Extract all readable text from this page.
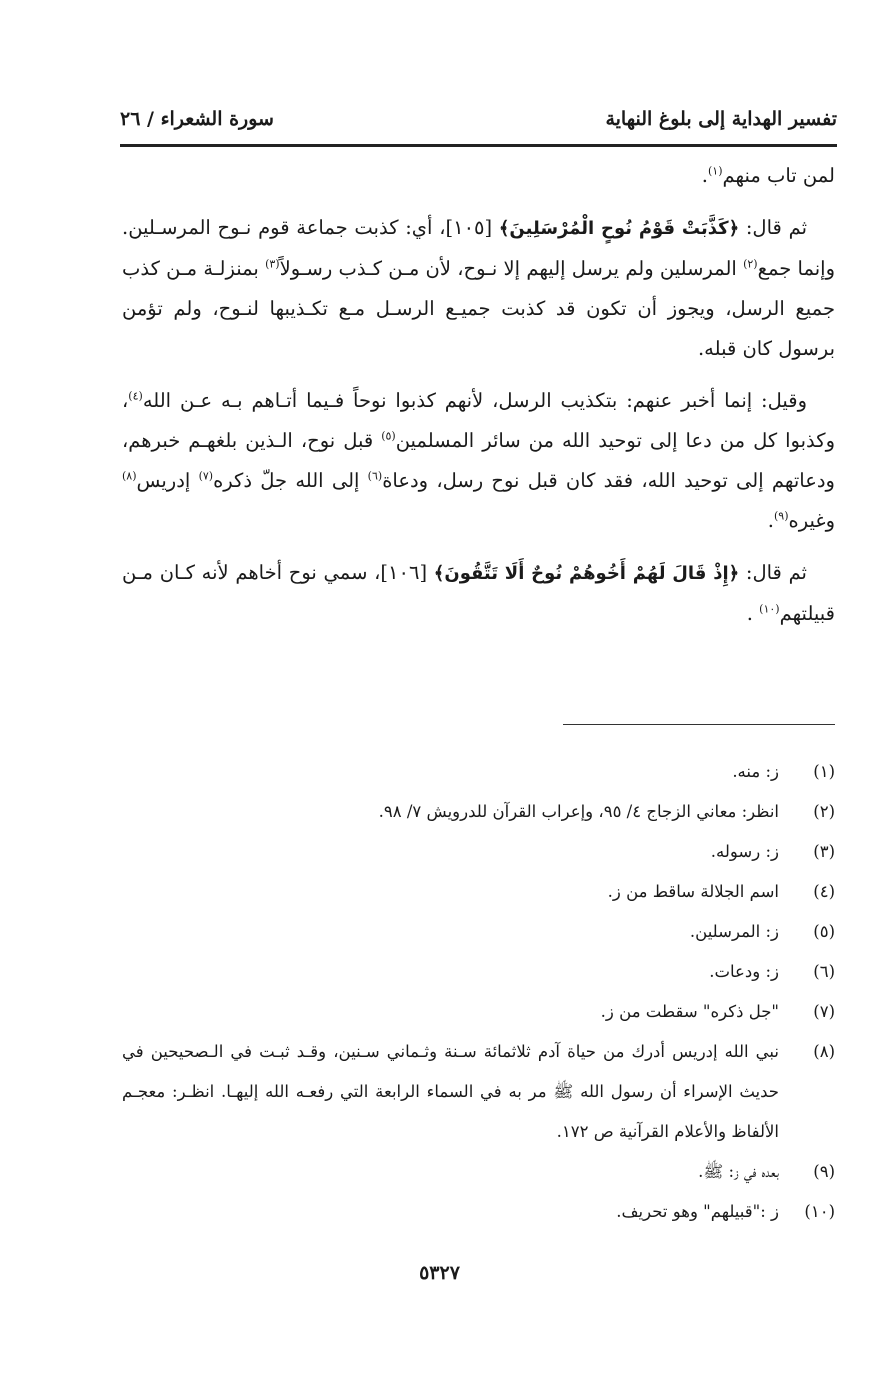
تفسير الهداية إلى بلوغ النهاية
سورة الشعراء / ٢٦

لمن تاب منهم$^{(١)}$.

ثم قال: ﴿كَذَّبَتْ قَوْمُ نُوحٍ الْمُرْسَلِينَ﴾ [١٠٥]، أي: كذبت جماعة قوم نـوح المرسـلين. وإنما جمع$^{(٢)}$ المرسلين ولم يرسل إليهم إلا نـوح، لأن مـن كـذب رسـولاً$^{(٣)}$ بمنزلـة مـن كذب جميع الرسل، ويجوز أن تكون قد كذبت جميـع الرسـل مـع تكـذيبها لنـوح، ولم تؤمن برسول كان قبله.

وقيل: إنما أخبر عنهم: بتكذيب الرسل، لأنهم كذبوا نوحاً فـيما أتـاهم بـه عـن الله$^{(٤)}$، وكذبوا كل من دعا إلى توحيد الله من سائر المسلمين$^{(٥)}$ قبل نوح، الـذين بلغهـم خبرهم، ودعاتهم إلى توحيد الله، فقد كان قبل نوح رسل، ودعاة$^{(٦)}$ إلى الله جلّ ذكره$^{(٧)}$ إدريس$^{(٨)}$ وغيره$^{(٩)}$.

ثم قال: ﴿إِذْ قَالَ لَهُمْ أَخُوهُمْ نُوحٌ أَلَا تَتَّقُونَ﴾ [١٠٦]، سمي نوح أخاهم لأنه كـان مـن قبيلتهم$^{(١٠)}$ .

(١)
ز: منه.
(٢)
انظر: معاني الزجاج ٤/ ٩٥، وإعراب القرآن للدرويش ٧/ ٩٨.
(٣)
ز: رسوله.
(٤)
اسم الجلالة ساقط من ز.
(٥)
ز: المرسلين.
(٦)
ز: ودعات.
(٧)
"جل ذكره" سقطت من ز.
(٨)
نبي الله إدريس أدرك من حياة آدم ثلاثمائة سـنة وثـماني سـنين، وقـد ثبـت في الـصحيحين في حديث الإسراء أن رسول الله ﷺ مر به في السماء الرابعة التي رفعـه الله إليهـا. انظـر: معجـم الألفاظ والأعلام القرآنية ص ١٧٢.
(٩)
بعده في ز: ﷺ.
(١٠)
ز :"قبيلهم" وهو تحريف.
٥٣٢٧
